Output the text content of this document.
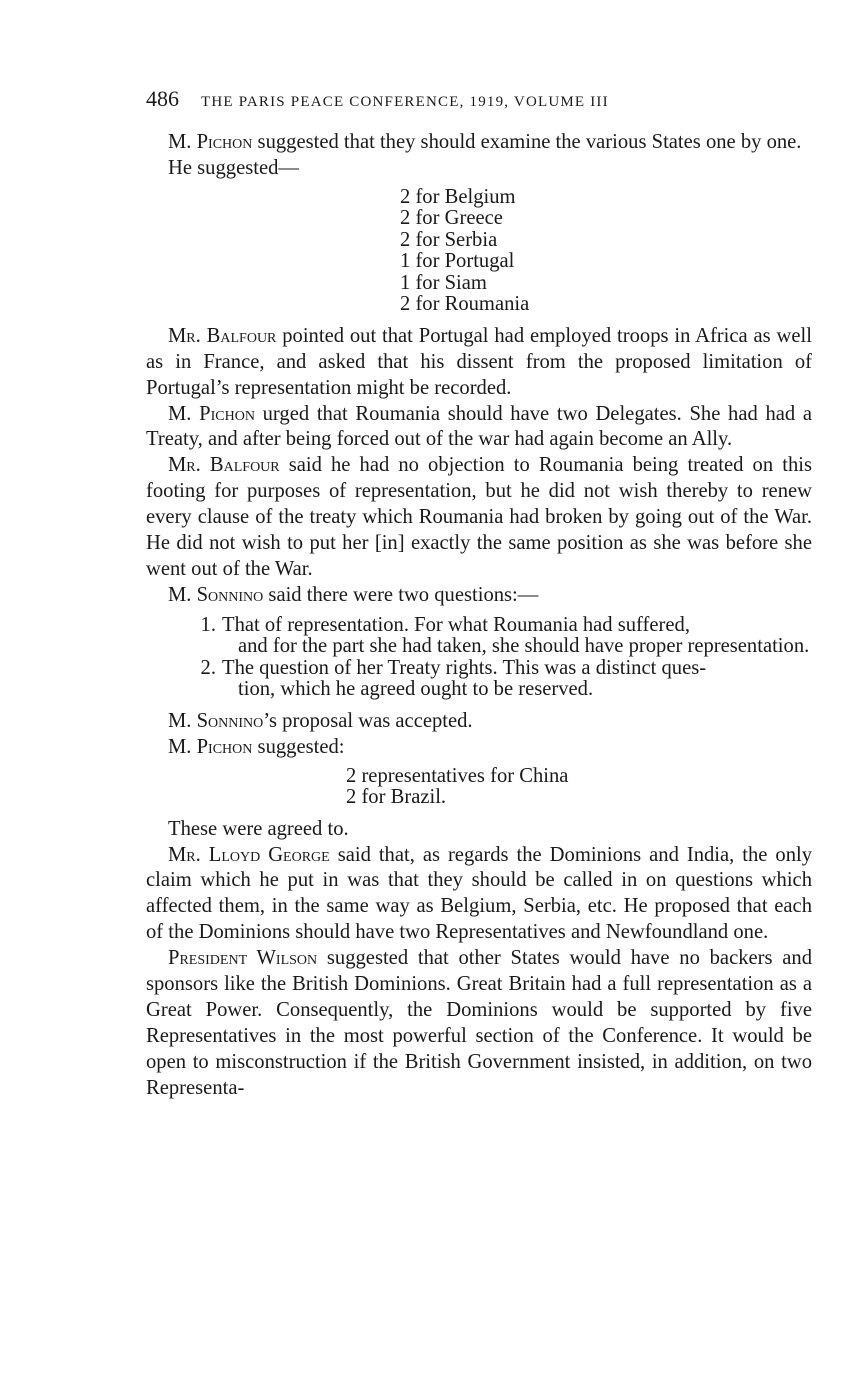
486 THE PARIS PEACE CONFERENCE, 1919, VOLUME III

M. Pichon suggested that they should examine the various States one by one.

He suggested—

2 for Belgium
2 for Greece
2 for Serbia
1 for Portugal
1 for Siam
2 for Roumania

Mr. Balfour pointed out that Portugal had employed troops in Africa as well as in France, and asked that his dissent from the proposed limitation of Portugal’s representation might be recorded.

M. Pichon urged that Roumania should have two Delegates. She had had a Treaty, and after being forced out of the war had again become an Ally.

Mr. Balfour said he had no objection to Roumania being treated on this footing for purposes of representation, but he did not wish thereby to renew every clause of the treaty which Roumania had broken by going out of the War. He did not wish to put her [in] exactly the same position as she was before she went out of the War.

M. Sonnino said there were two questions:—

1. That of representation. For what Roumania had suffered,
and for the part she had taken, she should have proper representation.
2. The question of her Treaty rights. This was a distinct ques-
tion, which he agreed ought to be reserved.

M. Sonnino’s proposal was accepted.

M. Pichon suggested:

2 representatives for China
2 for Brazil.

These were agreed to.

Mr. Lloyd George said that, as regards the Dominions and India, the only claim which he put in was that they should be called in on questions which affected them, in the same way as Belgium, Serbia, etc. He proposed that each of the Dominions should have two Representatives and Newfoundland one.

President Wilson suggested that other States would have no backers and sponsors like the British Dominions. Great Britain had a full representation as a Great Power. Consequently, the Dominions would be supported by five Representatives in the most powerful section of the Conference. It would be open to misconstruction if the British Government insisted, in addition, on two Representa-
